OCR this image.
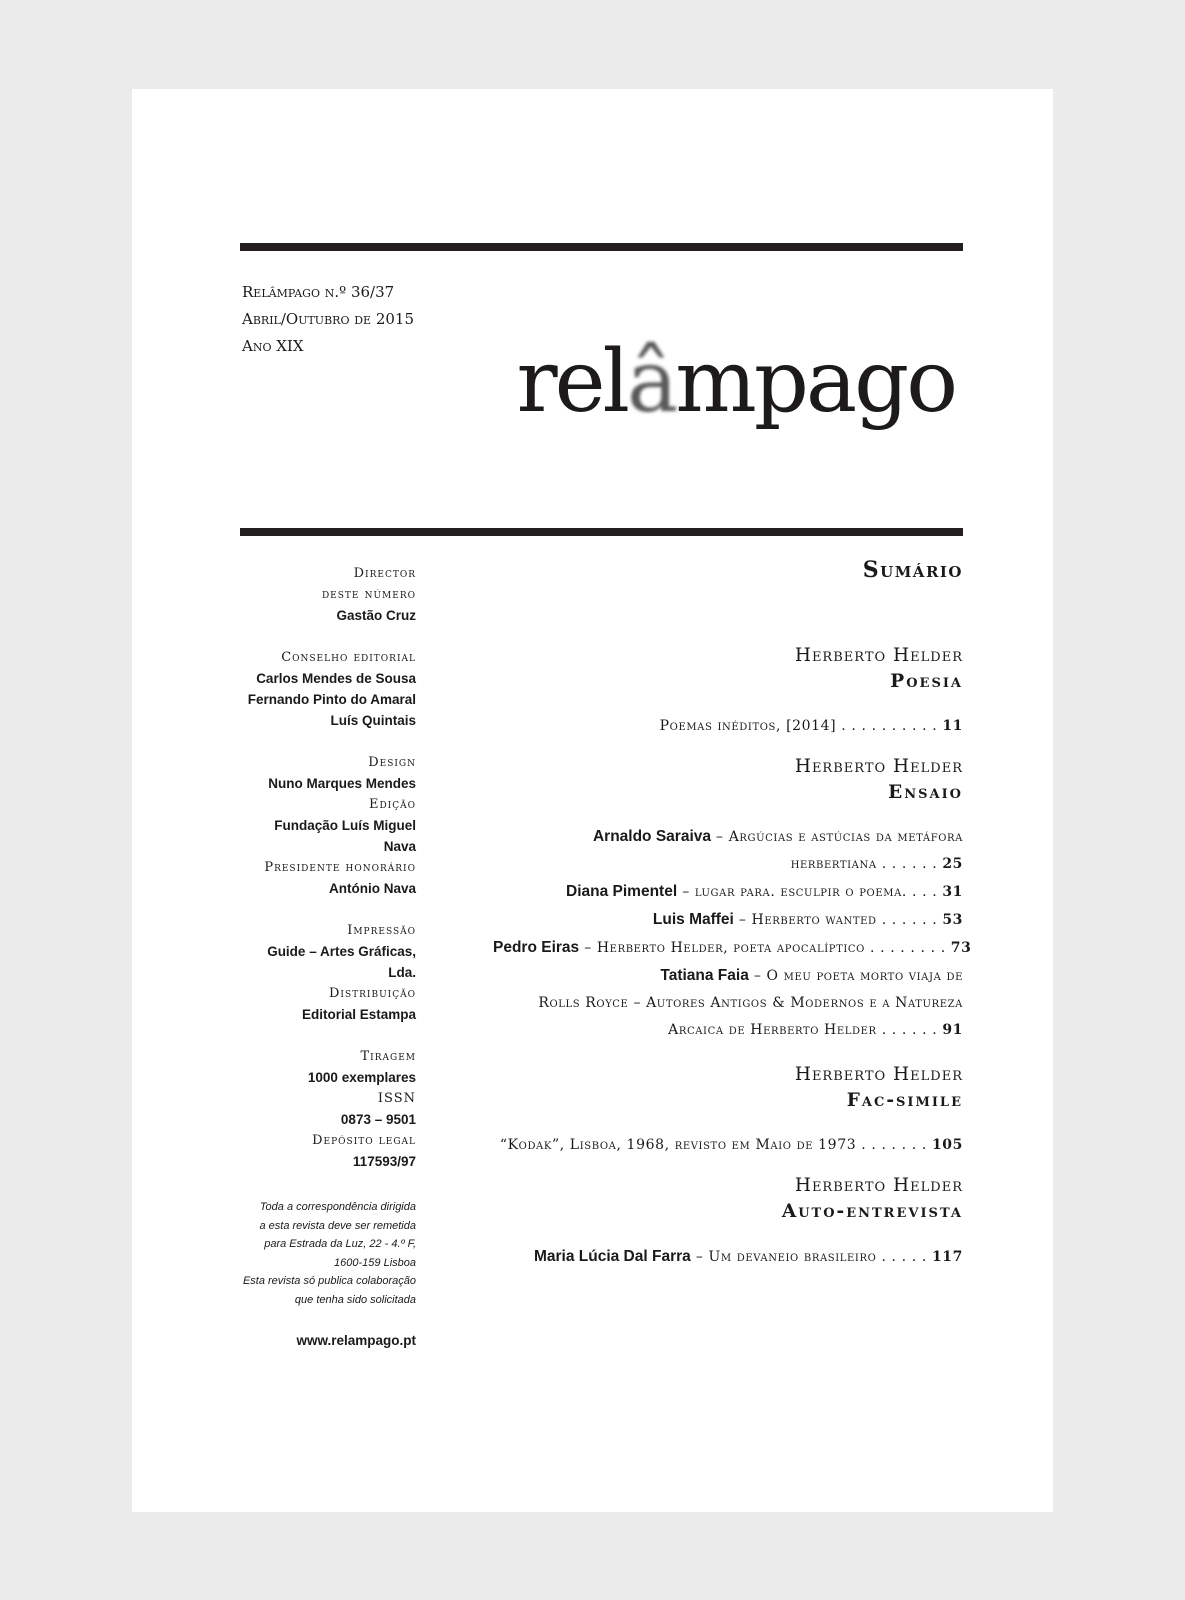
Relâmpago n.º 36/37
Abril/Outubro de 2015
Ano XIX	relâmpago
Director
deste número
Gastão Cruz
Conselho editorial
Carlos Mendes de Sousa
Fernando Pinto do Amaral
Luís Quintais
Design
Nuno Marques Mendes
Edição
Fundação Luís Miguel Nava
Presidente honorário
António Nava
Impressão
Guide – Artes Gráficas, Lda.
Distribuição
Editorial Estampa
Tiragem
1000 exemplares
ISSN
0873 – 9501
Depósito legal
117593/97
Toda a correspondência dirigida
a esta revista deve ser remetida
para Estrada da Luz, 22 - 4.º F,
1600-159 Lisboa
Esta revista só publica colaboração
que tenha sido solicitada
www.relampago.pt
Sumário
Herberto Helder
Poesia
Poemas inéditos, [2014] . . . . . . . . . . 11
Herberto Helder
Ensaio
Arnaldo Saraiva – Argúcias e astúcias da metáfora
herbertiana . . . . . . 25
Diana Pimentel – lugar para. esculpir o poema. . . . 31
Luis Maffei – Herberto wanted . . . . . . 53
Pedro Eiras – Herberto Helder, poeta apocalíptico . . . . . . . . 73
Tatiana Faia – O meu poeta morto viaja de
Rolls Royce – Autores Antigos & Modernos e a Natureza
Arcaica de Herberto Helder . . . . . . 91
Herberto Helder
Fac-simile
“Kodak”, Lisboa, 1968, revisto em Maio de 1973 . . . . . . . 105
Herberto Helder
Auto-entrevista
Maria Lúcia Dal Farra – Um devaneio brasileiro . . . . . 117
